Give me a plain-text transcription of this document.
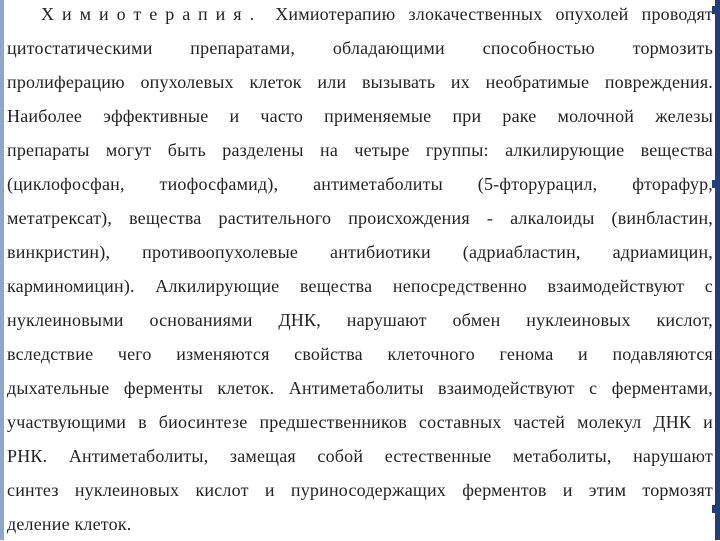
Химиотерапия. Химиотерапию злокачественных опухолей проводят
цитостатическими препаратами, обладающими способностью тормозить
пролиферацию опухолевых клеток или вызывать их необратимые повреждения.
Наиболее эффективные и часто применяемые при раке молочной железы
препараты могут быть разделены на четыре группы: алкилирующие вещества
(циклофосфан, тиофосфамид), антиметаболиты (5-фторурацил, фторафур,
метатрексат), вещества растительного происхождения - алкалоиды (винбластин,
винкристин), противоопухолевые антибиотики (адриабластин, адриамицин,
карминомицин). Алкилирующие вещества непосредственно взаимодействуют с
нуклеиновыми основаниями ДНК, нарушают обмен нуклеиновых кислот,
вследствие чего изменяются свойства клеточного генома и подавляются
дыхательные ферменты клеток. Антиметаболиты взаимодействуют с ферментами,
участвующими в биосинтезе предшественников составных частей молекул ДНК и
РНК. Антиметаболиты, замещая собой естественные метаболиты, нарушают
синтез нуклеиновых кислот и пуриносодержащих ферментов и этим тормозят
деление клеток.
